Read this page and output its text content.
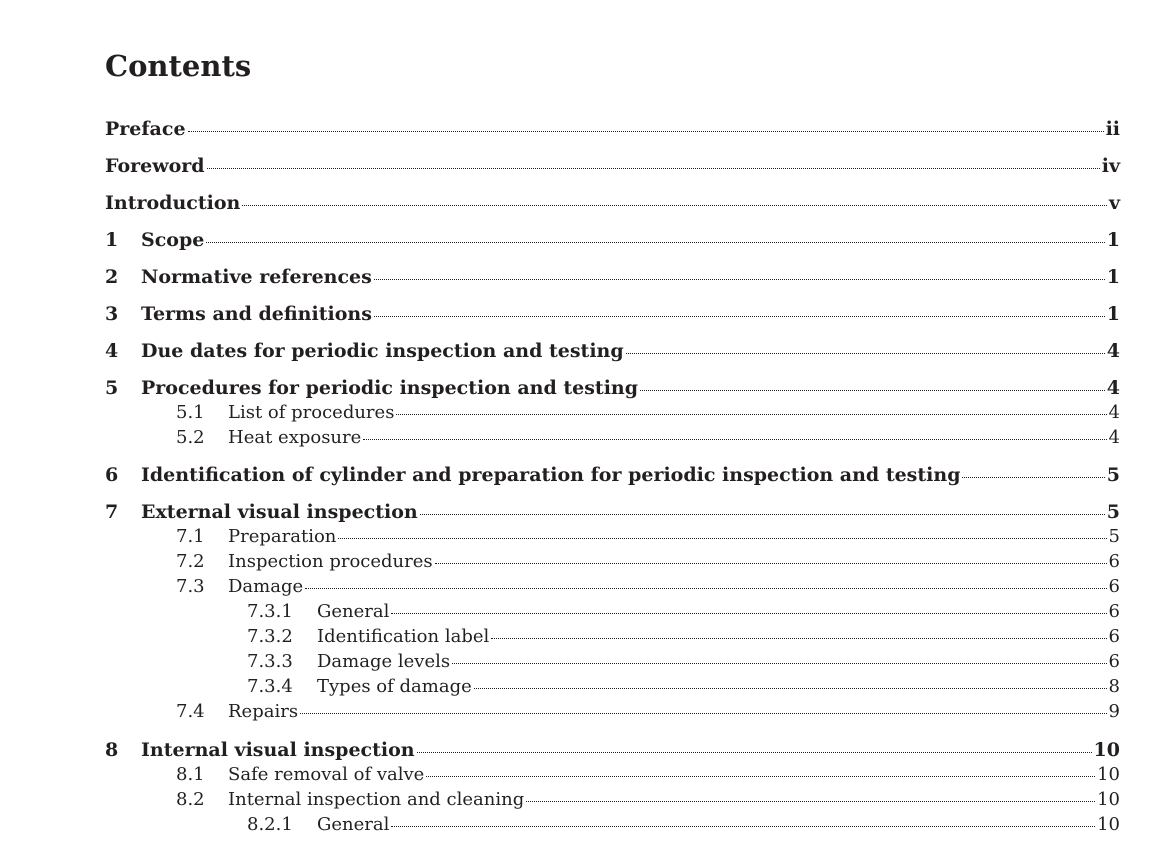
Contents
Preface	ii
Foreword	iv
Introduction	v
1	Scope	1
2	Normative references	1
3	Terms and definitions	1
4	Due dates for periodic inspection and testing	4
5	Procedures for periodic inspection and testing	4
5.1	List of procedures	4
5.2	Heat exposure	4
6	Identification of cylinder and preparation for periodic inspection and testing	5
7	External visual inspection	5
7.1	Preparation	5
7.2	Inspection procedures	6
7.3	Damage	6
7.3.1	General	6
7.3.2	Identification label	6
7.3.3	Damage levels	6
7.3.4	Types of damage	8
7.4	Repairs	9
8	Internal visual inspection	10
8.1	Safe removal of valve	10
8.2	Internal inspection and cleaning	10
8.2.1	General	10
